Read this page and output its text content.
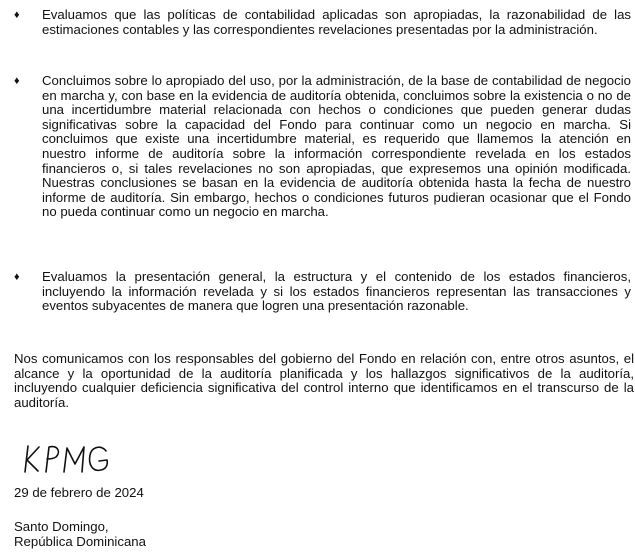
♦	Evaluamos que las políticas de contabilidad aplicadas son apropiadas, la razonabilidad de las estimaciones contables y las correspondientes revelaciones presentadas por la administración.
♦	Concluimos sobre lo apropiado del uso, por la administración, de la base de contabilidad de negocio en marcha y, con base en la evidencia de auditoría obtenida, concluimos sobre la existencia o no de una incertidumbre material relacionada con hechos o condiciones que pueden generar dudas significativas sobre la capacidad del Fondo para continuar como un negocio en marcha. Si concluimos que existe una incertidumbre material, es requerido que llamemos la atención en nuestro informe de auditoría sobre la información correspondiente revelada en los estados financieros o, si tales revelaciones no son apropiadas, que expresemos una opinión modificada. Nuestras conclusiones se basan en la evidencia de auditoría obtenida hasta la fecha de nuestro informe de auditoría. Sin embargo, hechos o condiciones futuros pudieran ocasionar que el Fondo no pueda continuar como un negocio en marcha.
♦	Evaluamos la presentación general, la estructura y el contenido de los estados financieros, incluyendo la información revelada y si los estados financieros representan las transacciones y eventos subyacentes de manera que logren una presentación razonable.

Nos comunicamos con los responsables del gobierno del Fondo en relación con, entre otros asuntos, el alcance y la oportunidad de la auditoría planificada y los hallazgos significativos de la auditoría, incluyendo cualquier deficiencia significativa del control interno que identificamos en el transcurso de la auditoría.

29 de febrero de 2024
Santo Domingo,
República Dominicana
